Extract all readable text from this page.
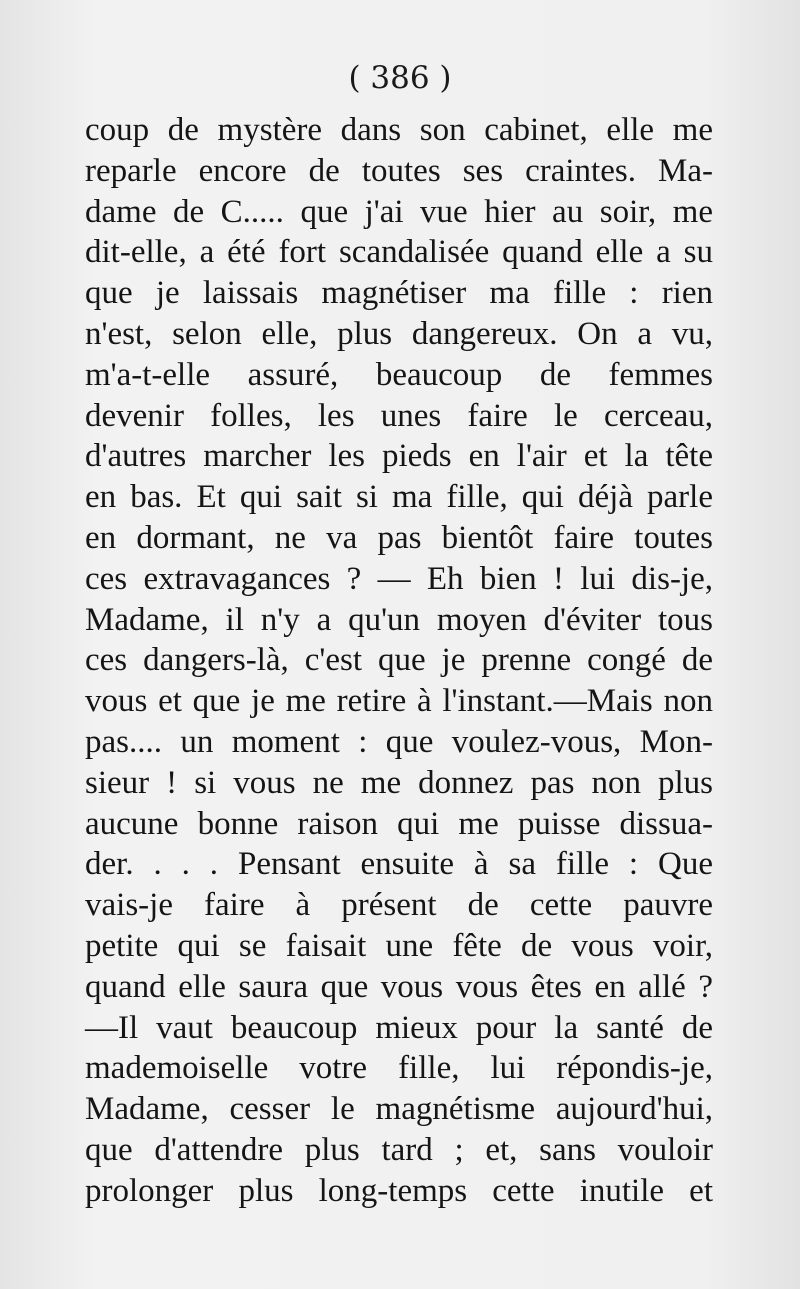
( 386 )
coup de mystère dans son cabinet, elle me
reparle encore de toutes ses craintes. Ma-
dame de C..... que j'ai vue hier au soir, me
dit-elle, a été fort scandalisée quand elle a su
que je laissais magnétiser ma fille : rien
n'est, selon elle, plus dangereux. On a vu,
m'a-t-elle assuré, beaucoup de femmes
devenir folles, les unes faire le cerceau,
d'autres marcher les pieds en l'air et la tête
en bas. Et qui sait si ma fille, qui déjà parle
en dormant, ne va pas bientôt faire toutes
ces extravagances ? — Eh bien ! lui dis-je,
Madame, il n'y a qu'un moyen d'éviter tous
ces dangers-là, c'est que je prenne congé de
vous et que je me retire à l'instant.—Mais non
pas.... un moment : que voulez-vous, Mon-
sieur ! si vous ne me donnez pas non plus
aucune bonne raison qui me puisse dissua-
der. . . . Pensant ensuite à sa fille : Que
vais-je faire à présent de cette pauvre
petite qui se faisait une fête de vous voir,
quand elle saura que vous vous êtes en allé ?
—Il vaut beaucoup mieux pour la santé de
mademoiselle votre fille, lui répondis-je,
Madame, cesser le magnétisme aujourd'hui,
que d'attendre plus tard ; et, sans vouloir
prolonger plus long-temps cette inutile et
